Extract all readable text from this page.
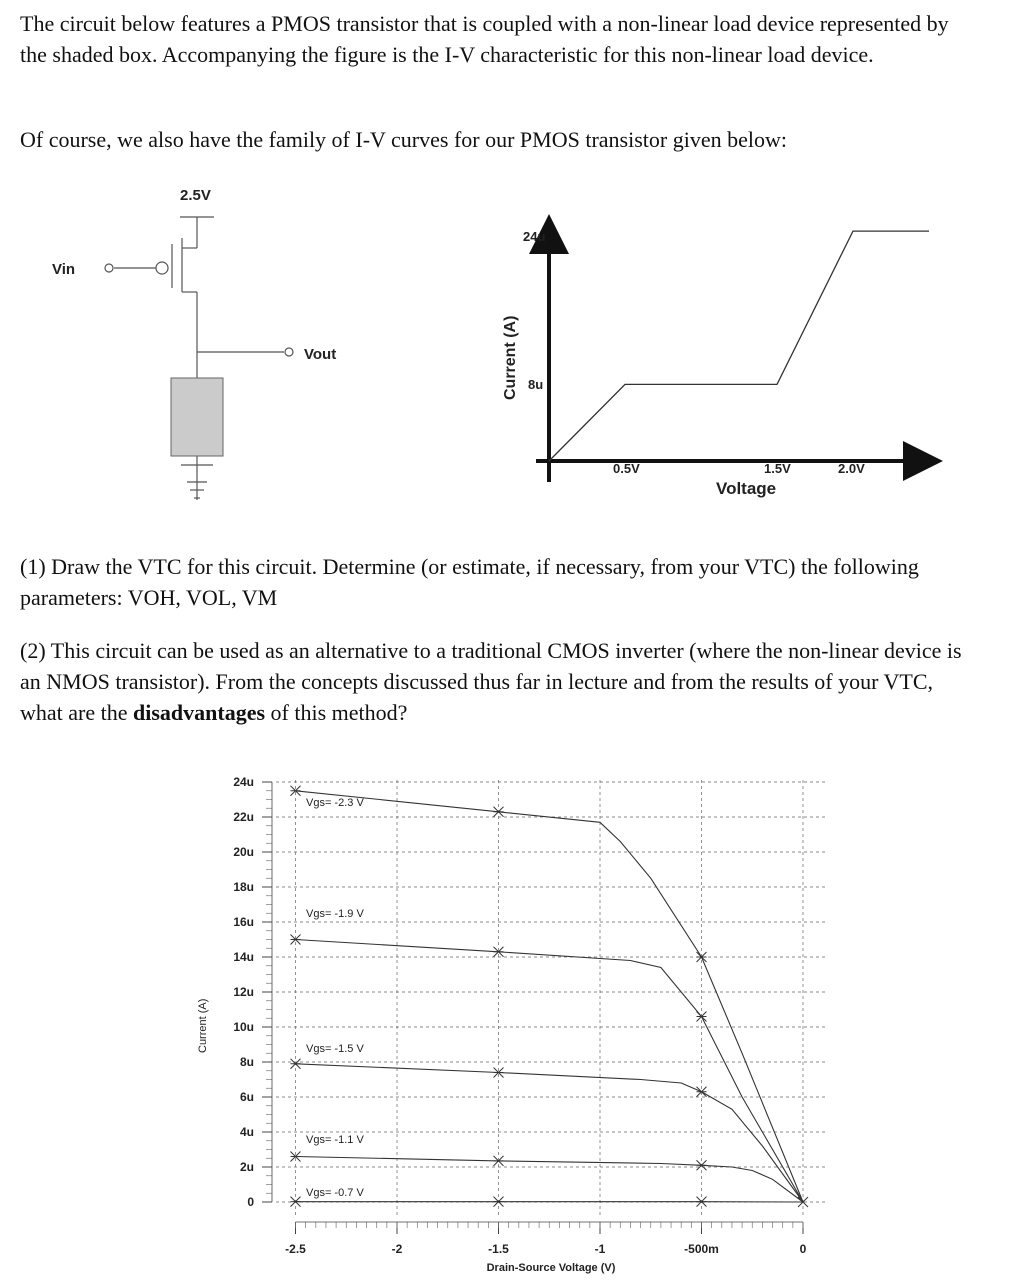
The circuit below features a PMOS transistor that is coupled with a non-linear load device represented by the shaded box. Accompanying the figure is the I-V characteristic for this non-linear load device.

Of course, we also have the family of I-V curves for our PMOS transistor given below:

2.5V
Vin
Vout
24u
8u
0.5V	1.5V	2.0V
Voltage
Current (A)

(1) Draw the VTC for this circuit. Determine (or estimate, if necessary, from your VTC) the following parameters: VOH, VOL, VM

(2) This circuit can be used as an alternative to a traditional CMOS inverter (where the non-linear device is an NMOS transistor). From the concepts discussed thus far in lecture and from the results of your VTC, what are the disadvantages of this method?

24u
22u
20u
18u
16u
14u
12u
10u
8u
6u
4u
2u
0
-2.5	-2	-1.5	-1	-500m	0
Vgs= -2.3 V
Vgs= -1.9 V
Vgs= -1.5 V
Vgs= -1.1 V
Vgs= -0.7 V
Current (A)
Drain-Source Voltage (V)
